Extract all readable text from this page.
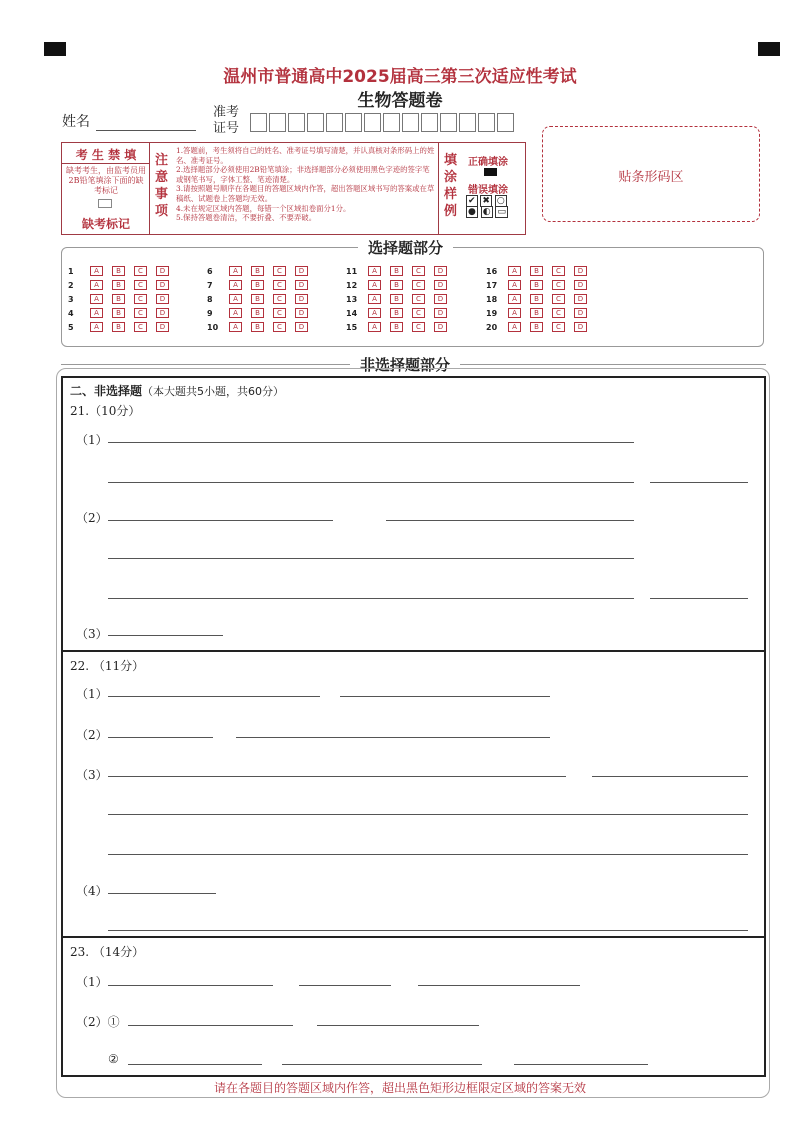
温州市普通高中2025届高三第三次适应性考试
生物答题卷
姓名
准考
证号
考 生 禁 填
缺考考生，由监考员用2B铅笔填涂下面的缺考标记
缺考标记
注意事项
1.答题前，考生须将自己的姓名、准考证号填写清楚，并认真核对条形码上的姓名、准考证号。
2.选择题部分必须使用2B铅笔填涂；非选择题部分必须使用黑色字迹的签字笔或钢笔书写，字体工整、笔迹清楚。
3.请按照题号顺序在各题目的答题区域内作答，超出答题区域书写的答案或在草稿纸、试题卷上答题均无效。
4.未在规定区域内答题，每错一个区域扣卷面分1分。
5.保持答题卷清洁，不要折叠、不要弄破。
填涂样例
正确填涂
错误填涂
✔ ✖ ○
● ◐ ▭
贴条形码区
选择题部分
1	A	B	C	D
2	A	B	C	D
3	A	B	C	D
4	A	B	C	D
5	A	B	C	D
6	A	B	C	D
7	A	B	C	D
8	A	B	C	D
9	A	B	C	D
10	A	B	C	D
11	A	B	C	D
12	A	B	C	D
13	A	B	C	D
14	A	B	C	D
15	A	B	C	D
16	A	B	C	D
17	A	B	C	D
18	A	B	C	D
19	A	B	C	D
20	A	B	C	D
非选择题部分
二、非选择题（本大题共5小题，共60分）
21.（10分）
（1）
（2）
（3）
22. （11分）
（1）
（2）
（3）
（4）
23. （14分）
（1）
（2）①
②
请在各题目的答题区域内作答，超出黑色矩形边框限定区域的答案无效
